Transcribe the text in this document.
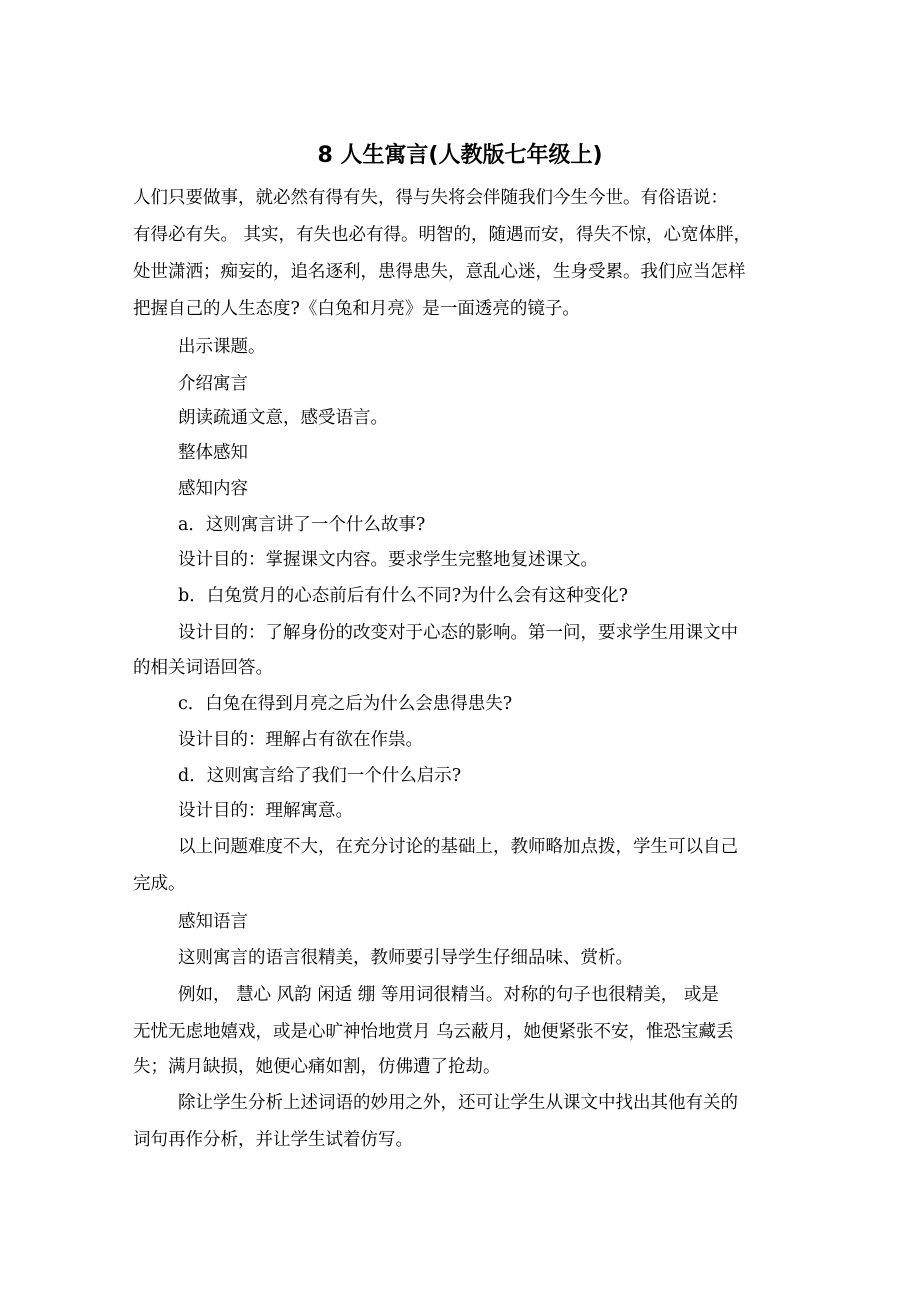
8 人生寓言(人教版七年级上)
人们只要做事，就必然有得有失，得与失将会伴随我们今生今世。有俗语说：
有得必有失。 其实，有失也必有得。明智的，随遇而安，得失不惊，心宽体胖，
处世潇洒；痴妄的，追名逐利，患得患失，意乱心迷，生身受累。我们应当怎样
把握自己的人生态度?《白兔和月亮》是一面透亮的镜子。
出示课题。
介绍寓言
朗读疏通文意，感受语言。
整体感知
感知内容
a．这则寓言讲了一个什么故事?
设计目的：掌握课文内容。要求学生完整地复述课文。
b．白兔赏月的心态前后有什么不同?为什么会有这种变化?
设计目的：了解身份的改变对于心态的影响。第一问，要求学生用课文中
的相关词语回答。
c．白兔在得到月亮之后为什么会患得患失?
设计目的：理解占有欲在作祟。
d．这则寓言给了我们一个什么启示?
设计目的：理解寓意。
以上问题难度不大，在充分讨论的基础上，教师略加点拨，学生可以自己
完成。
感知语言
这则寓言的语言很精美，教师要引导学生仔细品味、赏析。
例如， 慧心 风韵 闲适 绷 等用词很精当。对称的句子也很精美， 或是
无忧无虑地嬉戏，或是心旷神怡地赏月 乌云蔽月，她便紧张不安，惟恐宝藏丢
失；满月缺损，她便心痛如割，仿佛遭了抢劫。
除让学生分析上述词语的妙用之外，还可让学生从课文中找出其他有关的
词句再作分析，并让学生试着仿写。
